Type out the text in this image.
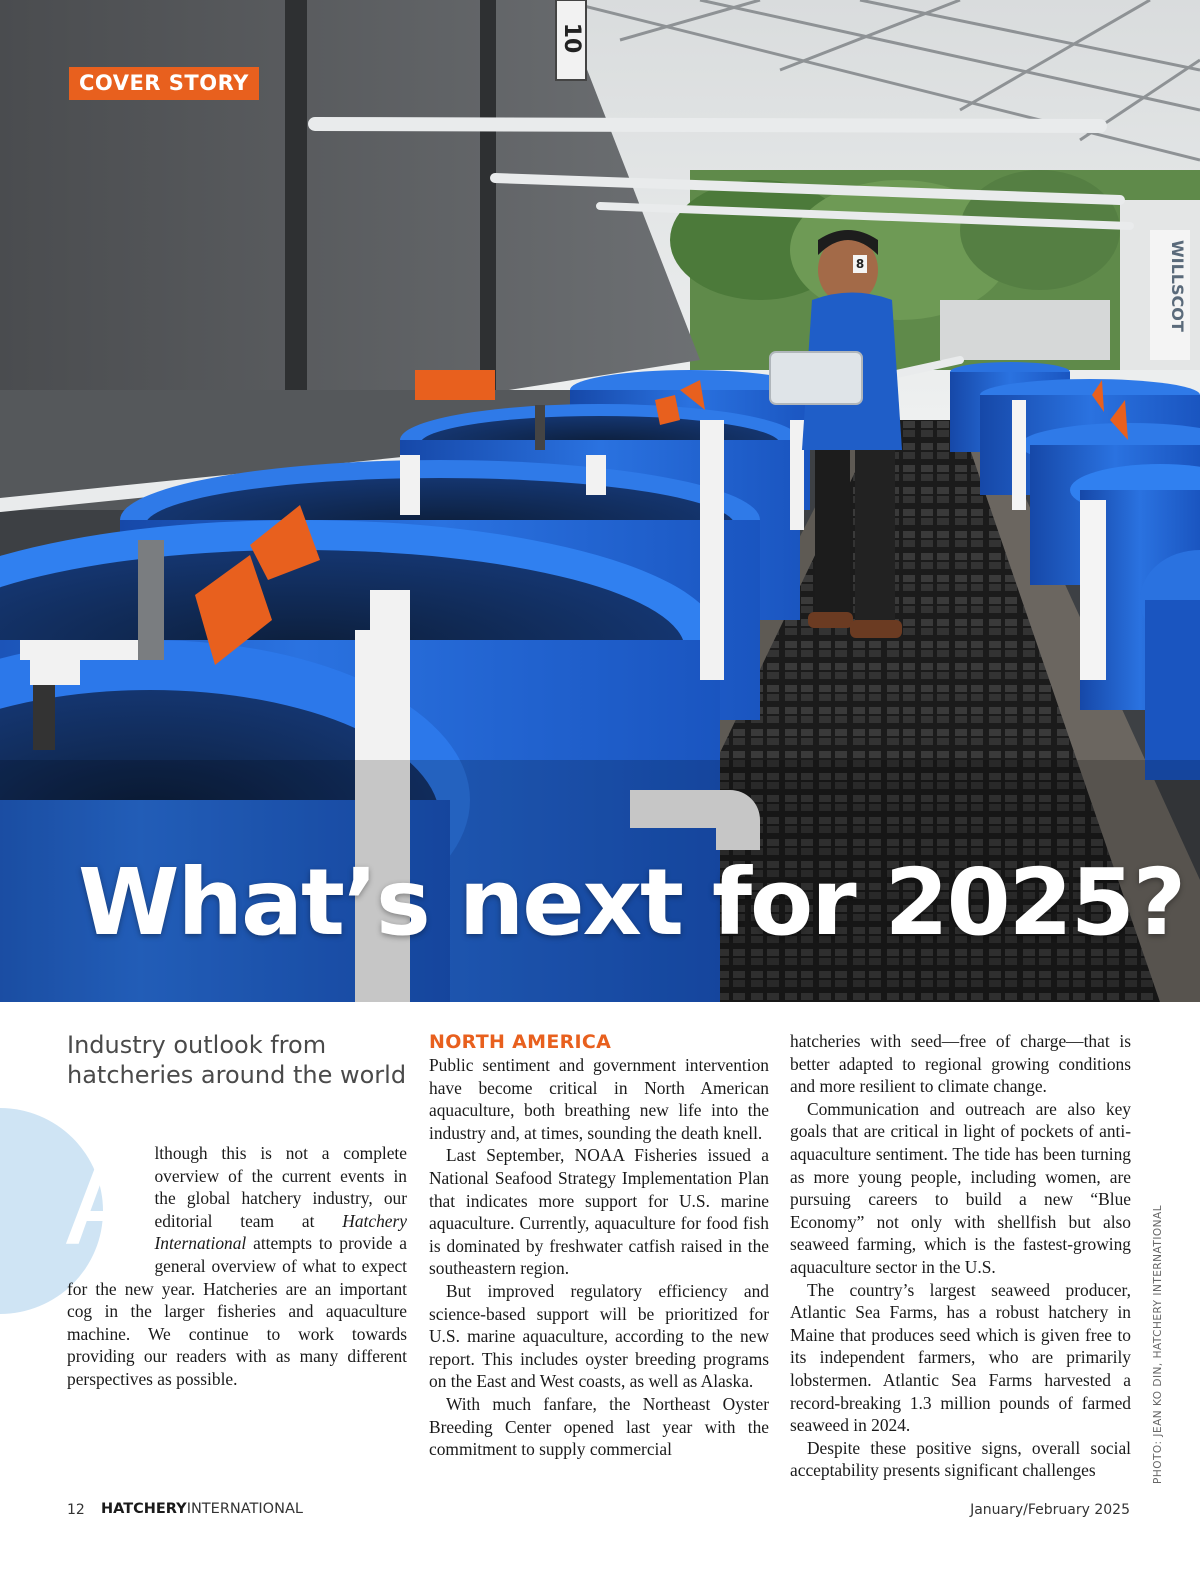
10
WILLSCOT
8
COVER STORY
What’s next for 2025?
Industry outlook from hatcheries around the world
Although this is not a complete overview of the current events in the global hatchery industry, our editorial team at Hatchery International attempts to provide a general overview of what to expect for the new year. Hatcheries are an important cog in the larger fisheries and aquaculture machine. We continue to work towards providing our readers with as many different perspectives as possible.
NORTH AMERICA

Public sentiment and government intervention have become critical in North American aquaculture, both breathing new life into the industry and, at times, sounding the death knell.

Last September, NOAA Fisheries issued a National Seafood Strategy Implementation Plan that indicates more support for U.S. marine aquaculture. Currently, aquaculture for food fish is dominated by freshwater catfish raised in the southeastern region.

But improved regulatory efficiency and science-based support will be prioritized for U.S. marine aquaculture, according to the new report. This includes oyster breeding programs on the East and West coasts, as well as Alaska.

With much fanfare, the Northeast Oyster Breeding Center opened last year with the commitment to supply commercial

hatcheries with seed—free of charge—that is better adapted to regional growing conditions and more resilient to climate change.

Communication and outreach are also key goals that are critical in light of pockets of anti-aquaculture sentiment. The tide has been turning as more young people, including women, are pursuing careers to build a new “Blue Economy” not only with shellfish but also seaweed farming, which is the fastest-growing aquaculture sector in the U.S.

The country’s largest seaweed producer, Atlantic Sea Farms, has a robust hatchery in Maine that produces seed which is given free to its independent farmers, who are primarily lobstermen. Atlantic Sea Farms harvested a record-breaking 1.3 million pounds of farmed seaweed in 2024.

Despite these positive signs, overall social acceptability presents significant challenges	PHOTO: JEAN KO DIN, HATCHERY INTERNATIONAL
12 HATCHERYINTERNATIONAL	January/February 2025
